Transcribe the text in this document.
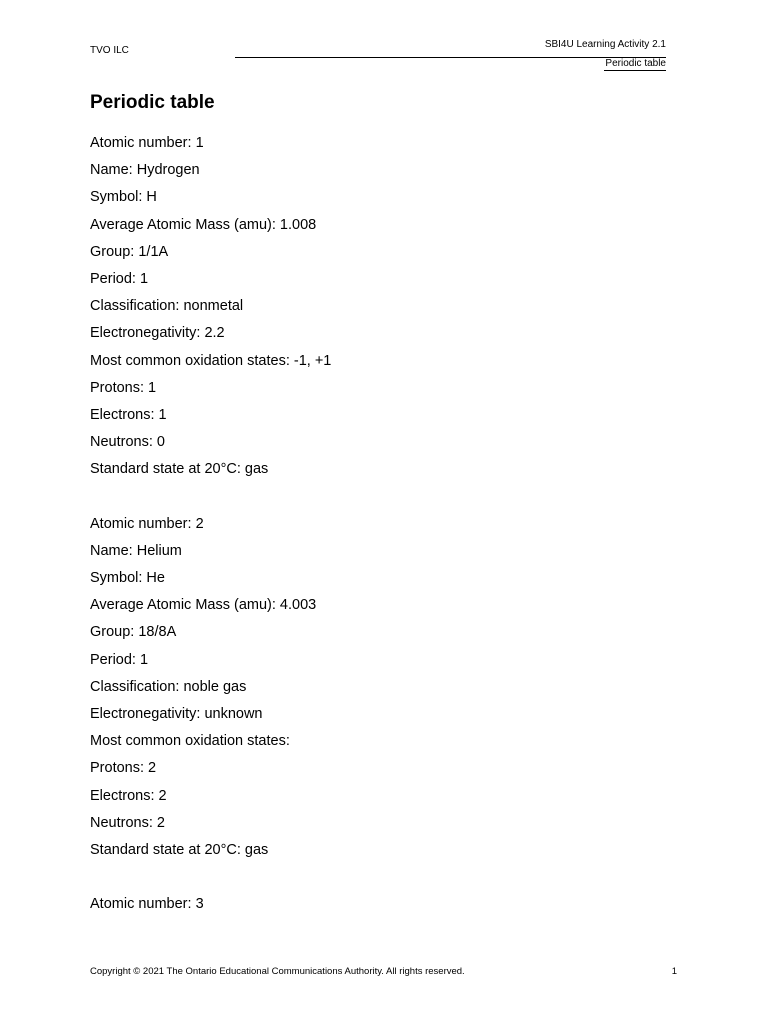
TVO ILC
SBI4U Learning Activity 2.1
Periodic table
Periodic table
Atomic number: 1
Name: Hydrogen
Symbol: H
Average Atomic Mass (amu): 1.008
Group: 1/1A
Period: 1
Classification: nonmetal
Electronegativity: 2.2
Most common oxidation states: -1, +1
Protons: 1
Electrons: 1
Neutrons: 0
Standard state at 20°C: gas
Atomic number: 2
Name: Helium
Symbol: He
Average Atomic Mass (amu): 4.003
Group: 18/8A
Period: 1
Classification: noble gas
Electronegativity: unknown
Most common oxidation states:
Protons: 2
Electrons: 2
Neutrons: 2
Standard state at 20°C: gas
Atomic number: 3
Copyright © 2021 The Ontario Educational Communications Authority. All rights reserved.	1
